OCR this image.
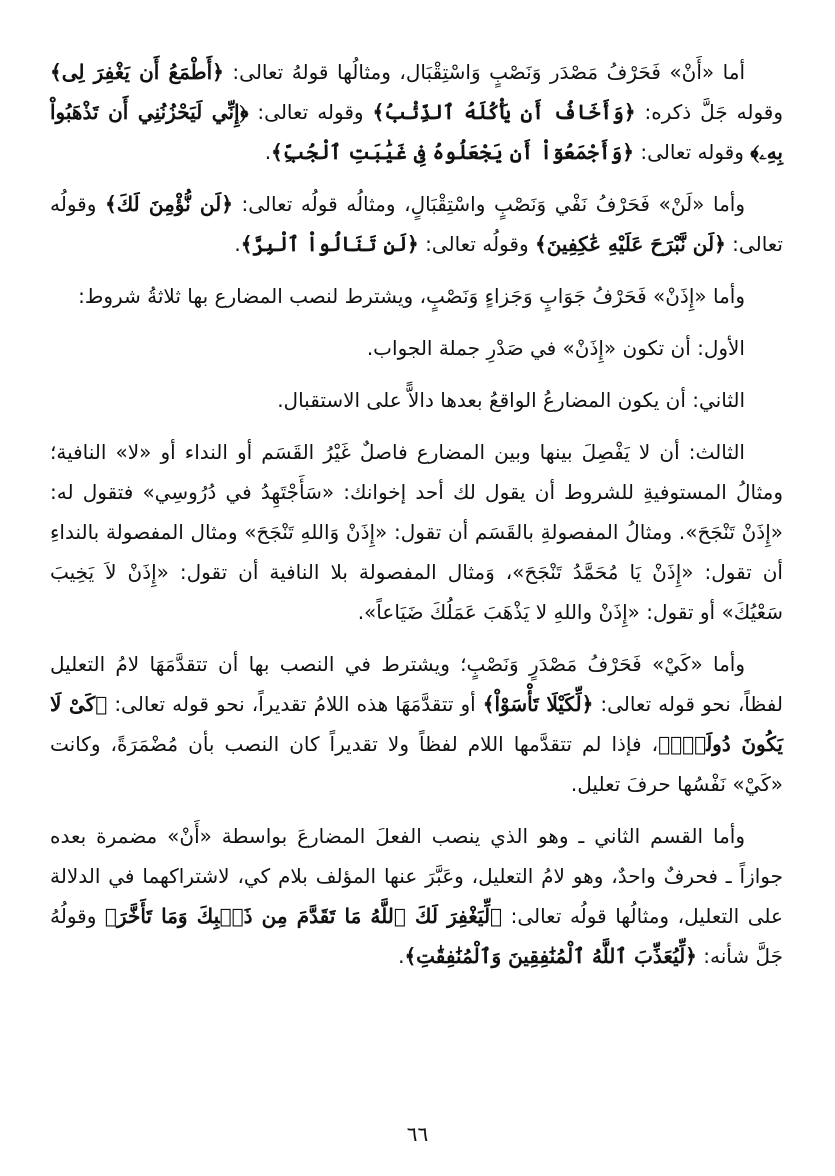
أما «أَنْ» فَحَرْفُ مَصْدَر وَنَصْبٍ وَاسْتِقْبَال، ومثالُها قولهُ تعالى: ﴿أَطْمَعُ أَن يَغْفِرَ لِى﴾ وقوله جَلَّ ذكره: ﴿وَأَخَافُ أَن يَأْكُلَهُ ٱلذِّئْبُ﴾ وقوله تعالى: ﴿إِنِّي لَيَحْزُنُنِي أَن تَذْهَبُواْ بِهِۦ﴾ وقوله تعالى: ﴿وَأَجْمَعُوٓاْ أَن يَجْعَلُوهُ فِى غَيَٰبَتِ ٱلْجُبِّ﴾.

وأما «لَنْ» فَحَرْفُ نَفْي وَنَصْبٍ واسْتِقْبَالٍ، ومثالُه قولُه تعالى: ﴿لَن نُّؤْمِنَ لَكَ﴾ وقولُه تعالى: ﴿لَن نَّبْرَحَ عَلَيْهِ عَٰكِفِينَ﴾ وقولُه تعالى: ﴿لَن تَنَالُواْ ٱلْبِرَّ﴾.

وأما «إِذَنْ» فَحَرْفُ جَوَابٍ وَجَزاءٍ وَنَصْبٍ، ويشترط لنصب المضارع بها ثلاثةُ شروط:

الأول: أن تكون «إِذَنْ» في صَدْرِ جملة الجواب.

الثاني: أن يكون المضارعُ الواقعُ بعدها دالاًّ على الاستقبال.

الثالث: أن لا يَفْصِلَ بينها وبين المضارع فاصلٌ غَيْرُ القَسَم أو النداء أو «لا» النافية؛ ومثالُ المستوفيةِ للشروط أن يقول لك أحد إخوانك: «سَأَجْتَهِدُ في دُرُوسِي» فتقول له: «إِذَنْ تَنْجَحَ». ومثالُ المفصولةِ بالقَسَم أن تقول: «إِذَنْ وَاللهِ تَنْجَحَ» ومثال المفصولة بالنداءِ أن تقول: «إِذَنْ يَا مُحَمَّدُ تَنْجَحَ»، وَمثال المفصولة بلا النافية أن تقول: «إِذَنْ لاَ يَخِيبَ سَعْيُكَ» أو تقول: «إِذَنْ واللهِ لا يَذْهَبَ عَمَلُكَ ضَيَاعاً».

وأما «كَيْ» فَحَرْفُ مَصْدَرٍ وَنَصْبٍ؛ ويشترط في النصب بها أن تتقدَّمَهَا لامُ التعليل لفظاً، نحو قوله تعالى: ﴿لِّكَيْلَا تَأْسَوْاْ﴾ أو تتقدَّمَهَا هذه اللامُ تقديراً، نحو قوله تعالى: ﴿كَىْ لَا يَكُونَ دُولَةًۢ﴾، فإذا لم تتقدَّمها اللام لفظاً ولا تقديراً كان النصب بأن مُضْمَرَةً، وكانت «كَيْ» نَفْسُها حرفَ تعليل.

وأما القسم الثاني ـ وهو الذي ينصب الفعلَ المضارعَ بواسطة «أَنْ» مضمرة بعده جوازاً ـ فحرفٌ واحدٌ، وهو لامُ التعليل، وعَبَّرَ عنها المؤلف بلام كي، لاشتراكهما في الدلالة على التعليل، ومثالُها قولُه تعالى: ﴿لِّيَغْفِرَ لَكَ ٱللَّهُ مَا تَقَدَّمَ مِن ذَنۢبِكَ وَمَا تَأَخَّرَ﴾ وقولُهُ جَلَّ شأنه: ﴿لِّيُعَذِّبَ ٱللَّهُ ٱلْمُنَٰفِقِينَ وَٱلْمُنَٰفِقَٰتِ﴾.

٦٦
